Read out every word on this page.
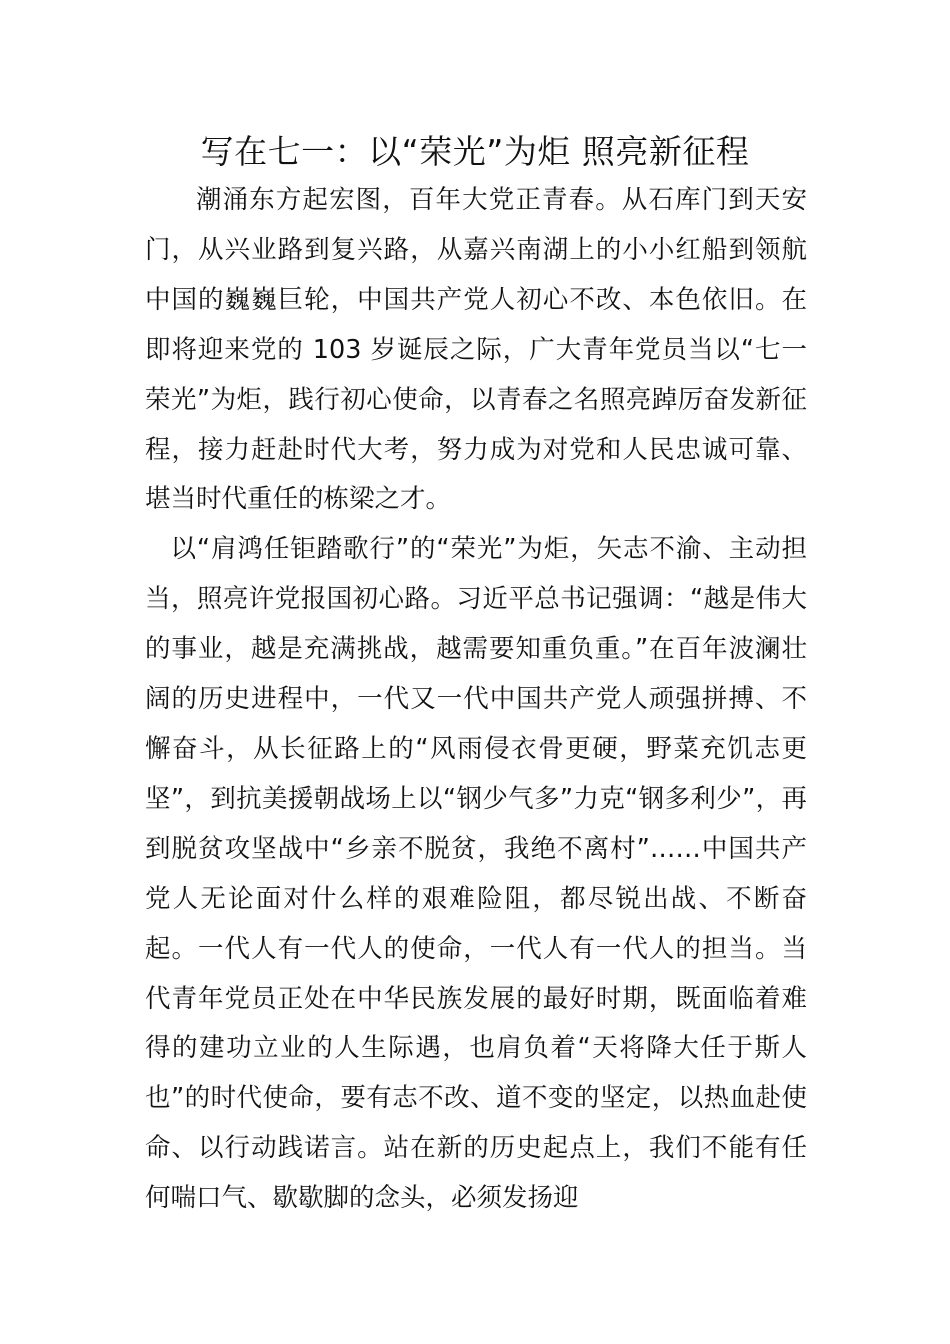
写在七一：以“荣光”为炬 照亮新征程

潮涌东方起宏图，百年大党正青春。从石库门到天安门，从兴业路到复兴路，从嘉兴南湖上的小小红船到领航中国的巍巍巨轮，中国共产党人初心不改、本色依旧。在即将迎来党的 103 岁诞辰之际，广大青年党员当以“七一荣光”为炬，践行初心使命，以青春之名照亮踔厉奋发新征程，接力赶赴时代大考，努力成为对党和人民忠诚可靠、堪当时代重任的栋梁之才。

以“肩鸿任钜踏歌行”的“荣光”为炬，矢志不渝、主动担当，照亮许党报国初心路。习近平总书记强调：“越是伟大的事业，越是充满挑战，越需要知重负重。”在百年波澜壮阔的历史进程中，一代又一代中国共产党人顽强拼搏、不懈奋斗，从长征路上的“风雨侵衣骨更硬，野菜充饥志更坚”，到抗美援朝战场上以“钢少气多”力克“钢多利少”，再到脱贫攻坚战中“乡亲不脱贫，我绝不离村”……中国共产党人无论面对什么样的艰难险阻，都尽锐出战、不断奋起。一代人有一代人的使命，一代人有一代人的担当。当代青年党员正处在中华民族发展的最好时期，既面临着难得的建功立业的人生际遇，也肩负着“天将降大任于斯人也”的时代使命，要有志不改、道不变的坚定，以热血赴使命、以行动践诺言。站在新的历史起点上，我们不能有任何喘口气、歇歇脚的念头，必须发扬迎
